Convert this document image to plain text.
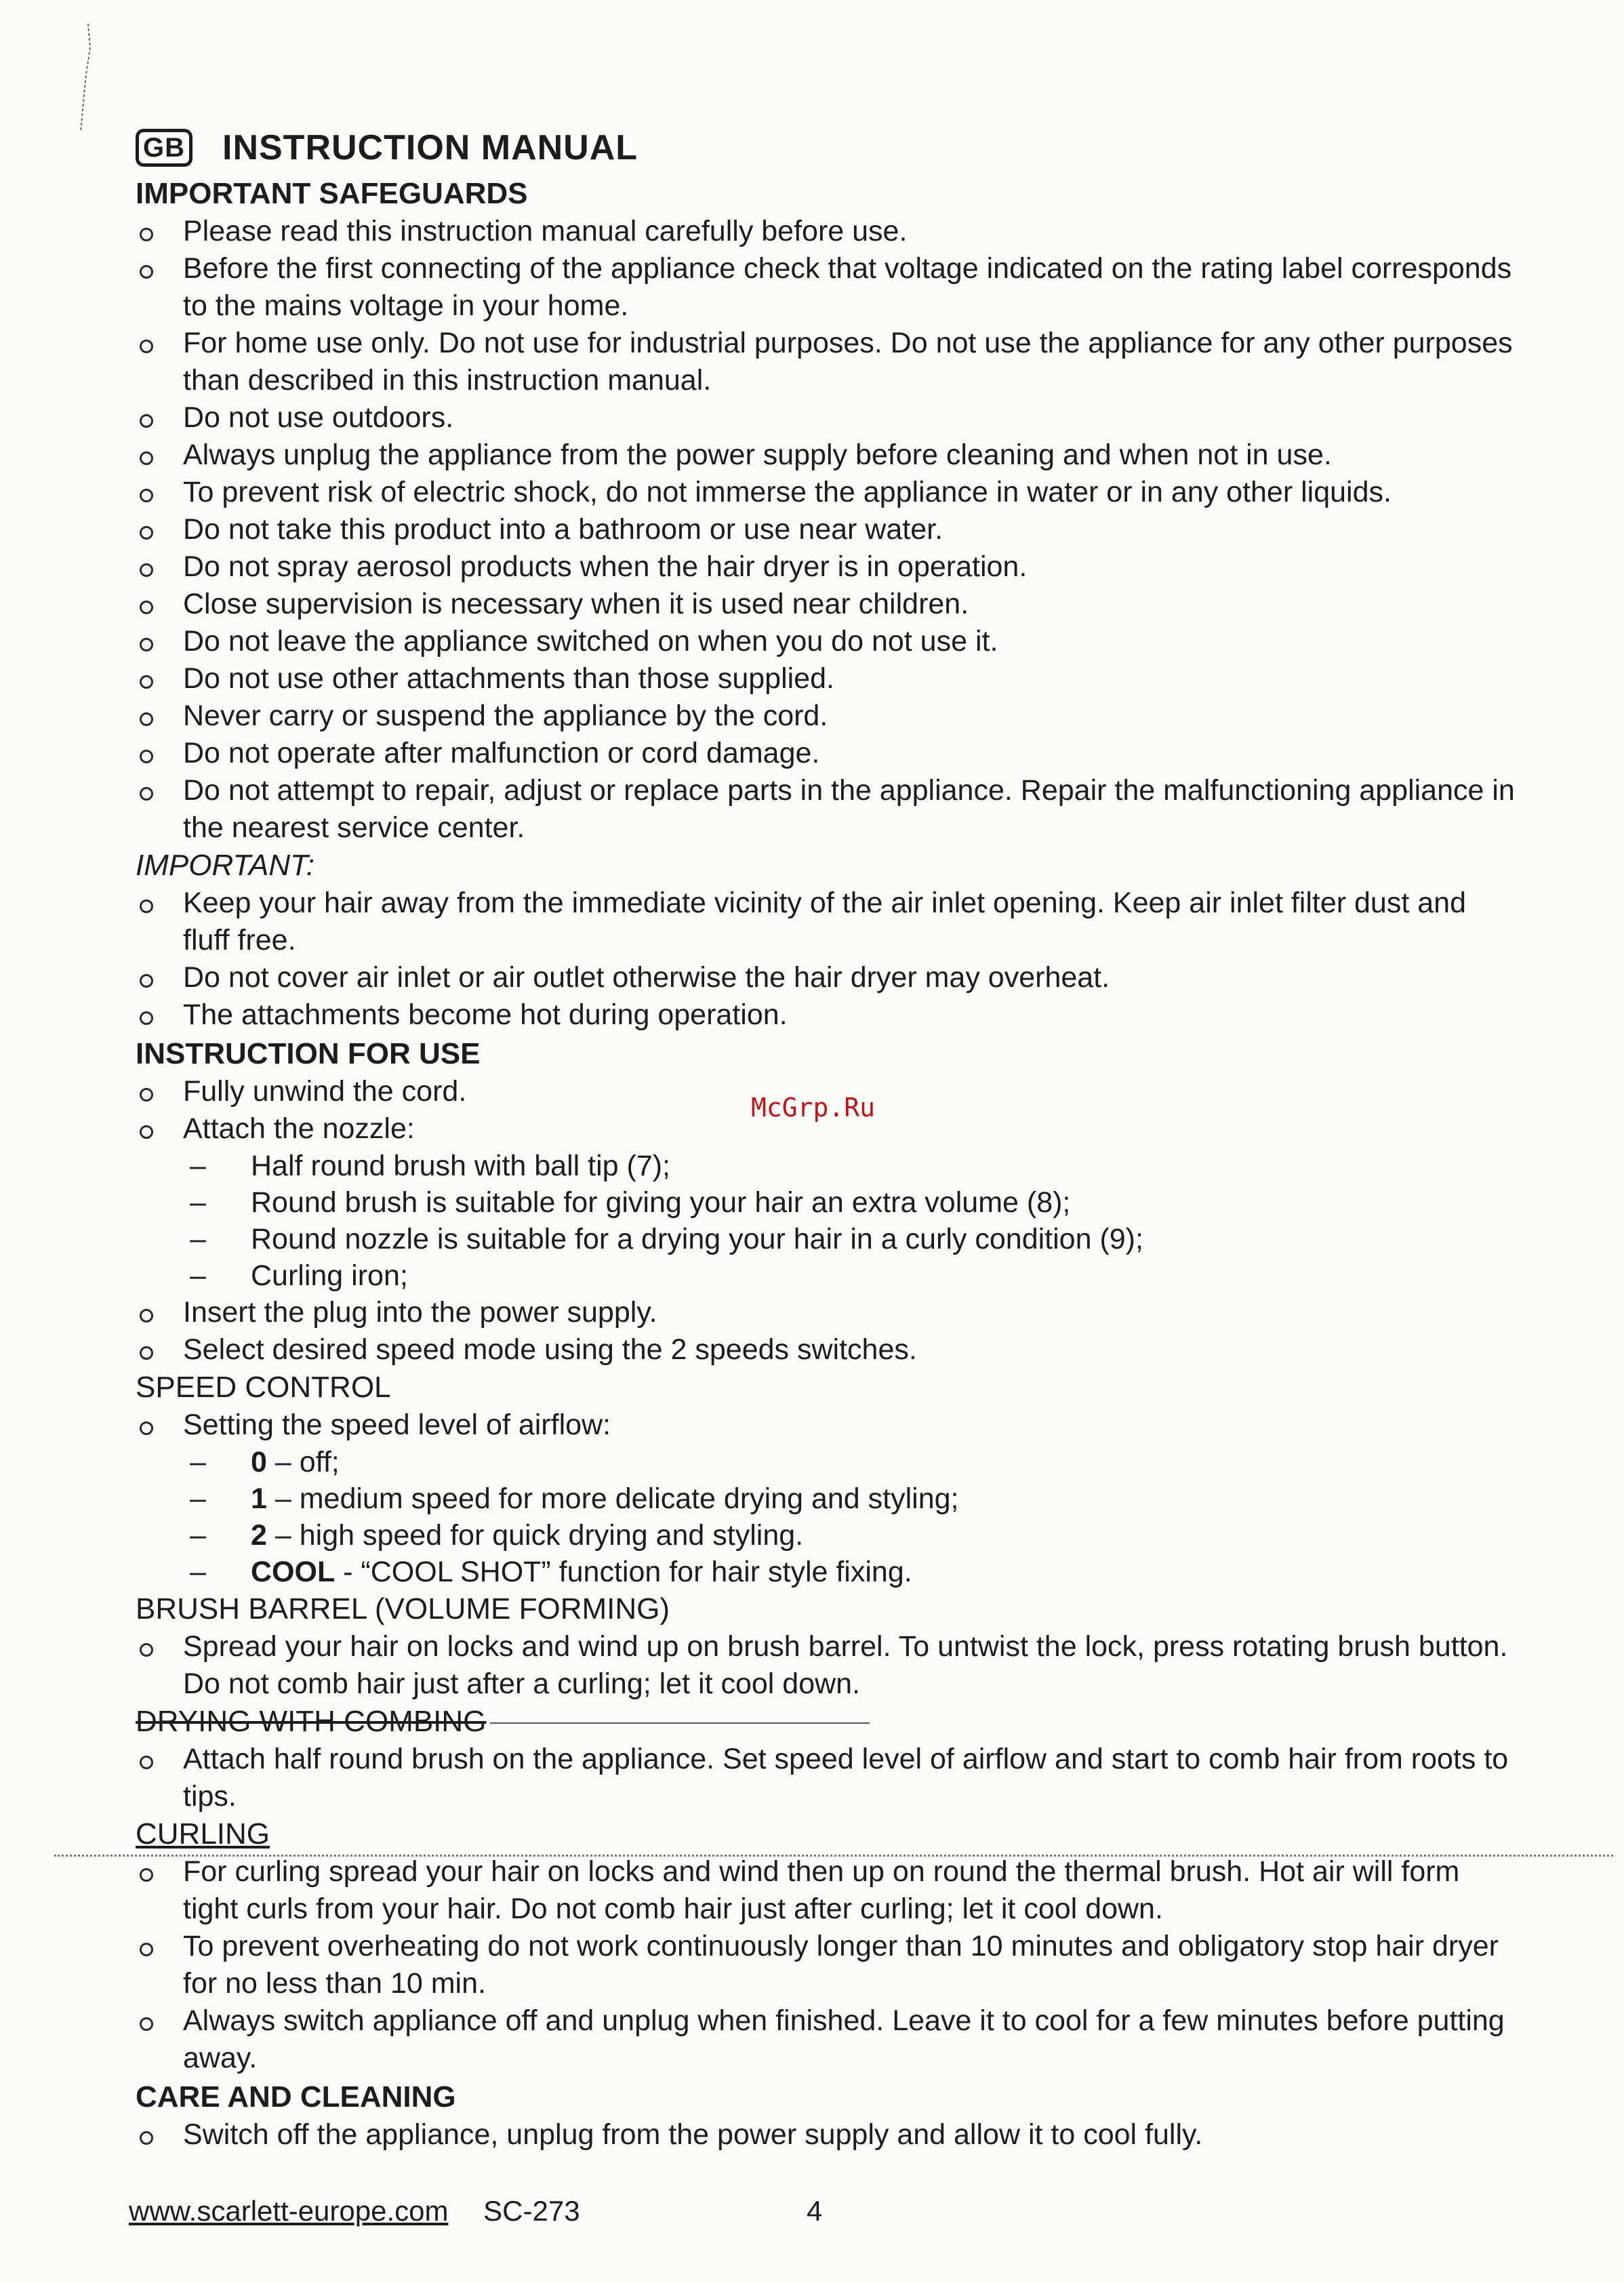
GB INSTRUCTION MANUAL
IMPORTANT SAFEGUARDS
Please read this instruction manual carefully before use.
Before the first connecting of the appliance check that voltage indicated on the rating label corresponds to the mains voltage in your home.
For home use only. Do not use for industrial purposes. Do not use the appliance for any other purposes than described in this instruction manual.
Do not use outdoors.
Always unplug the appliance from the power supply before cleaning and when not in use.
To prevent risk of electric shock, do not immerse the appliance in water or in any other liquids.
Do not take this product into a bathroom or use near water.
Do not spray aerosol products when the hair dryer is in operation.
Close supervision is necessary when it is used near children.
Do not leave the appliance switched on when you do not use it.
Do not use other attachments than those supplied.
Never carry or suspend the appliance by the cord.
Do not operate after malfunction or cord damage.
Do not attempt to repair, adjust or replace parts in the appliance. Repair the malfunctioning appliance in the nearest service center.
IMPORTANT:
Keep your hair away from the immediate vicinity of the air inlet opening. Keep air inlet filter dust and fluff free.
Do not cover air inlet or air outlet otherwise the hair dryer may overheat.
The attachments become hot during operation.
INSTRUCTION FOR USE
Fully unwind the cord.
Attach the nozzle:
– Half round brush with ball tip (7);
– Round brush is suitable for giving your hair an extra volume (8);
– Round nozzle is suitable for a drying your hair in a curly condition (9);
– Curling iron;
Insert the plug into the power supply.
Select desired speed mode using the 2 speeds switches.
SPEED CONTROL
Setting the speed level of airflow:
– 0 – off;
– 1 – medium speed for more delicate drying and styling;
– 2 – high speed for quick drying and styling.
– COOL - “COOL SHOT” function for hair style fixing.
BRUSH BARREL (VOLUME FORMING)
Spread your hair on locks and wind up on brush barrel. To untwist the lock, press rotating brush button. Do not comb hair just after a curling; let it cool down.
DRYING WITH COMBING
Attach half round brush on the appliance. Set speed level of airflow and start to comb hair from roots to tips.
CURLING
For curling spread your hair on locks and wind then up on round the thermal brush. Hot air will form tight curls from your hair. Do not comb hair just after curling; let it cool down.
To prevent overheating do not work continuously longer than 10 minutes and obligatory stop hair dryer for no less than 10 min.
Always switch appliance off and unplug when finished. Leave it to cool for a few minutes before putting away.
CARE AND CLEANING
Switch off the appliance, unplug from the power supply and allow it to cool fully.
McGrp.Ru
www.scarlett-europe.com SC-273	4
